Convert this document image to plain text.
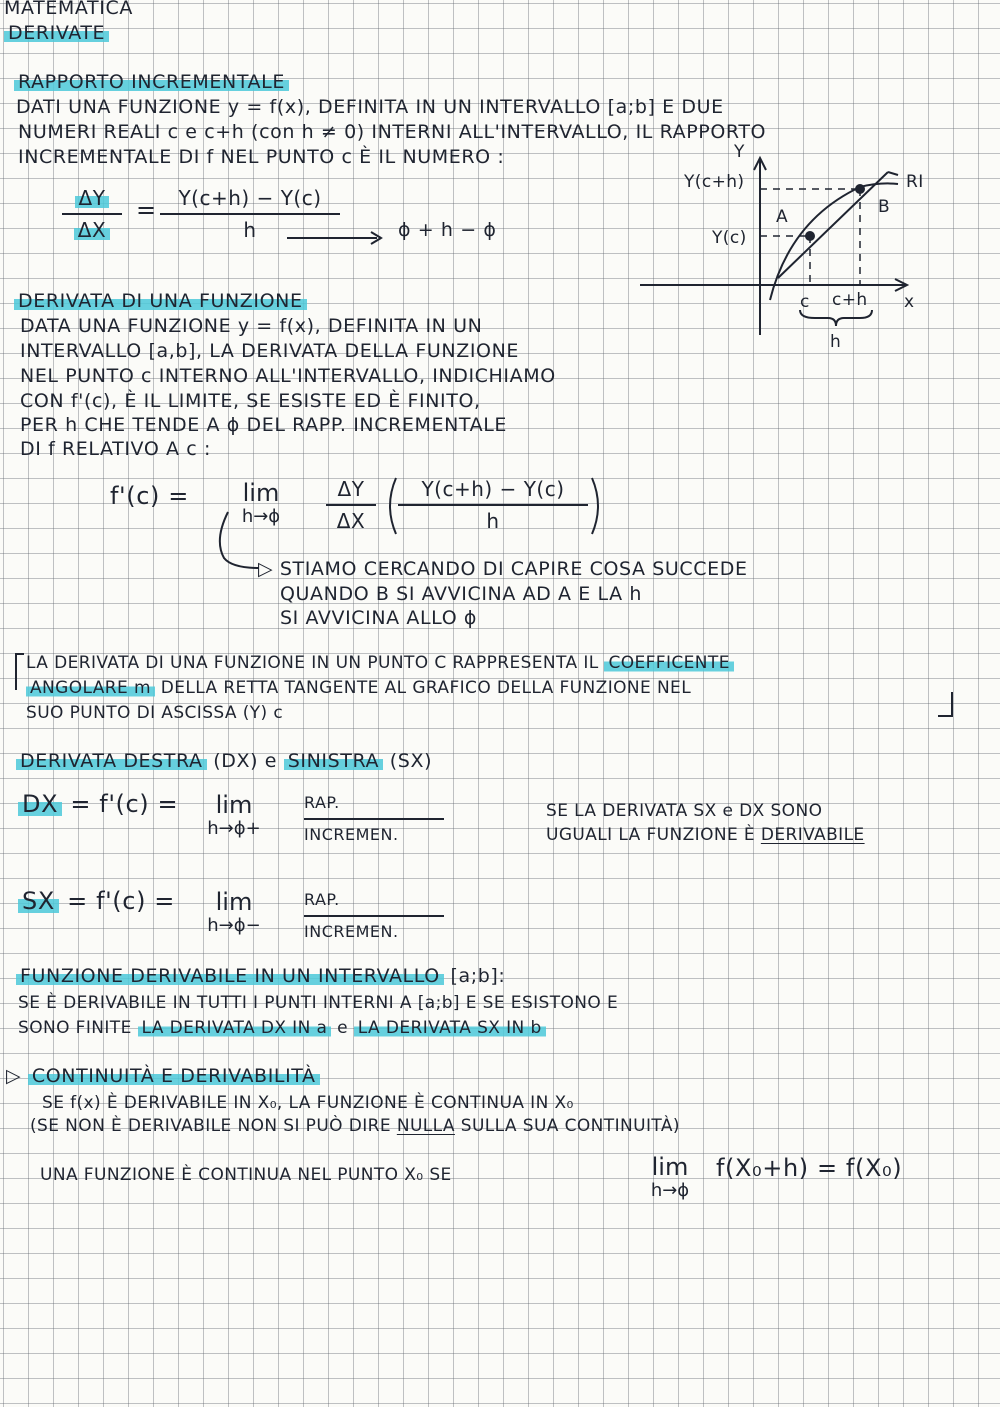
MATEMATICA
DERIVATE
RAPPORTO INCREMENTALE
DATI UNA FUNZIONE y = f(x), DEFINITA IN UN INTERVALLO [a;b] E DUE
NUMERI REALI c e c+h (con h ≠ 0) INTERNI ALL'INTERVALLO, IL RAPPORTO
INCREMENTALE DI f NEL PUNTO c È IL NUMERO :
ΔY
ΔX
= Y(c+h) − Y(c)
h	ɸ + h − ɸ
Y
Y(c+h)
Y(c)
A	B
RI
c c+h x
h
DERIVATA DI UNA FUNZIONE
DATA UNA FUNZIONE y = f(x), DEFINITA IN UN
INTERVALLO [a,b], LA DERIVATA DELLA FUNZIONE
NEL PUNTO c INTERNO ALL'INTERVALLO, INDICHIAMO
CON f'(c), È IL LIMITE, SE ESISTE ED È FINITO,
PER h CHE TENDE A ɸ DEL RAPP. INCREMENTALE
DI f RELATIVO A c :
f'(c) = lim
h→ɸ
ΔY
ΔX
Y(c+h) − Y(c)
h
▷ STIAMO CERCANDO DI CAPIRE COSA SUCCEDE
QUANDO B SI AVVICINA AD A E LA h
SI AVVICINA ALLO ɸ
LA DERIVATA DI UNA FUNZIONE IN UN PUNTO C RAPPRESENTA IL COEFFICENTE
ANGOLARE m DELLA RETTA TANGENTE AL GRAFICO DELLA FUNZIONE NEL
SUO PUNTO DI ASCISSA (Y) c
DERIVATA DESTRA (DX) e SINISTRA (SX)
DX = f'(c) = lim
h→ɸ+
RAP.
INCREMEN.
SE LA DERIVATA SX e DX SONO
UGUALI LA FUNZIONE È DERIVABILE
SX = f'(c) = lim
h→ɸ−
RAP.
INCREMEN.
FUNZIONE DERIVABILE IN UN INTERVALLO [a;b]:
SE È DERIVABILE IN TUTTI I PUNTI INTERNI A [a;b] E SE ESISTONO E
SONO FINITE LA DERIVATA DX IN a e LA DERIVATA SX IN b
▷ CONTINUITÀ E DERIVABILITÀ
SE f(x) È DERIVABILE IN X₀, LA FUNZIONE È CONTINUA IN X₀
(SE NON È DERIVABILE NON SI PUÒ DIRE NULLA SULLA SUA CONTINUITÀ)
UNA FUNZIONE È CONTINUA NEL PUNTO X₀ SE	lim
h→ɸ
f(X₀+h) = f(X₀)
